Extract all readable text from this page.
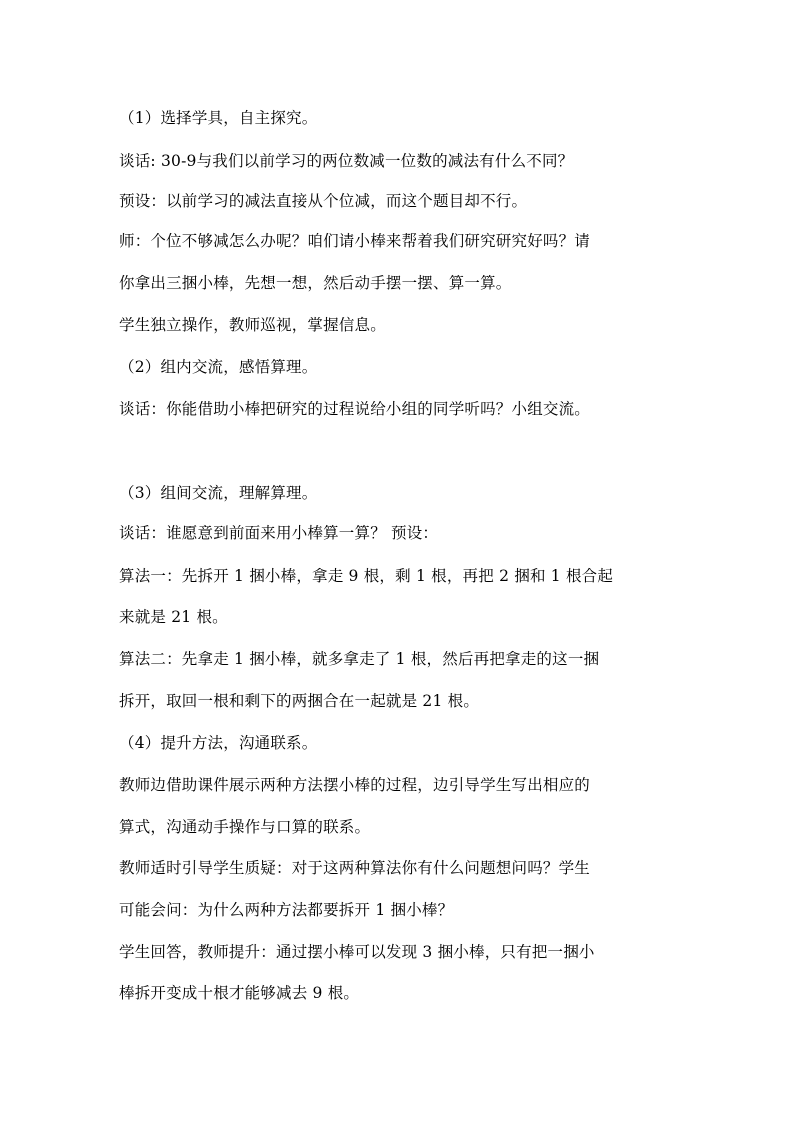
（1）选择学具，自主探究。
谈话: 30-9与我们以前学习的两位数减一位数的减法有什么不同？
预设：以前学习的减法直接从个位减，而这个题目却不行。
师：个位不够减怎么办呢？咱们请小棒来帮着我们研究研究好吗？请
你拿出三捆小棒，先想一想，然后动手摆一摆、算一算。
学生独立操作，教师巡视，掌握信息。
（2）组内交流，感悟算理。
谈话：你能借助小棒把研究的过程说给小组的同学听吗？小组交流。
（3）组间交流，理解算理。
谈话：谁愿意到前面来用小棒算一算？ 预设：
算法一：先拆开 1 捆小棒，拿走 9 根，剩 1 根，再把 2 捆和 1 根合起
来就是 21 根。
算法二：先拿走 1 捆小棒，就多拿走了 1 根，然后再把拿走的这一捆
拆开，取回一根和剩下的两捆合在一起就是 21 根。
（4）提升方法，沟通联系。
教师边借助课件展示两种方法摆小棒的过程，边引导学生写出相应的
算式，沟通动手操作与口算的联系。
教师适时引导学生质疑：对于这两种算法你有什么问题想问吗？学生
可能会问：为什么两种方法都要拆开 1 捆小棒？
学生回答，教师提升：通过摆小棒可以发现 3 捆小棒，只有把一捆小
棒拆开变成十根才能够减去 9 根。
